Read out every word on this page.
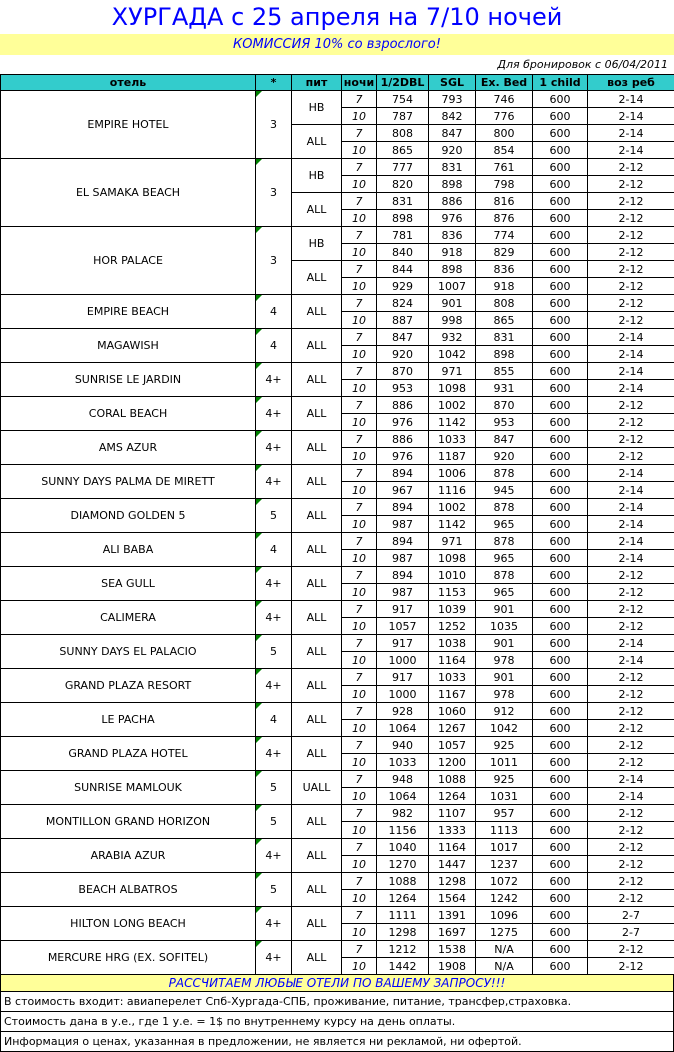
ХУРГАДА с 25 апреля на 7/10 ночей
КОМИССИЯ 10% со взрослого!
Для бронировок с 06/04/2011
отель	*	пит	ночи	1/2DBL	SGL	Ex. Bed	1 child	воз реб
EMPIRE HOTEL	3	HB	7	754	793	746	600	2-14
			10	787	842	776	600	2-14
		ALL	7	808	847	800	600	2-14
			10	865	920	854	600	2-14
EL SAMAKA BEACH	3	HB	7	777	831	761	600	2-12
			10	820	898	798	600	2-12
		ALL	7	831	886	816	600	2-12
			10	898	976	876	600	2-12
HOR PALACE	3	HB	7	781	836	774	600	2-12
			10	840	918	829	600	2-12
		ALL	7	844	898	836	600	2-12
			10	929	1007	918	600	2-12
EMPIRE BEACH	4	ALL	7	824	901	808	600	2-12
			10	887	998	865	600	2-12
MAGAWISH	4	ALL	7	847	932	831	600	2-14
			10	920	1042	898	600	2-14
SUNRISE LE JARDIN	4+	ALL	7	870	971	855	600	2-14
			10	953	1098	931	600	2-14
CORAL BEACH	4+	ALL	7	886	1002	870	600	2-12
			10	976	1142	953	600	2-12
AMS AZUR	4+	ALL	7	886	1033	847	600	2-12
			10	976	1187	920	600	2-12
SUNNY DAYS PALMA DE MIRETT	4+	ALL	7	894	1006	878	600	2-14
			10	967	1116	945	600	2-14
DIAMOND GOLDEN 5	5	ALL	7	894	1002	878	600	2-14
			10	987	1142	965	600	2-14
ALI BABA	4	ALL	7	894	971	878	600	2-14
			10	987	1098	965	600	2-14
SEA GULL	4+	ALL	7	894	1010	878	600	2-12
			10	987	1153	965	600	2-12
CALIMERA	4+	ALL	7	917	1039	901	600	2-12
			10	1057	1252	1035	600	2-12
SUNNY DAYS EL PALACIO	5	ALL	7	917	1038	901	600	2-14
			10	1000	1164	978	600	2-14
GRAND PLAZA RESORT	4+	ALL	7	917	1033	901	600	2-12
			10	1000	1167	978	600	2-12
LE PACHA	4	ALL	7	928	1060	912	600	2-12
			10	1064	1267	1042	600	2-12
GRAND PLAZA HOTEL	4+	ALL	7	940	1057	925	600	2-12
			10	1033	1200	1011	600	2-12
SUNRISE MAMLOUK	5	UALL	7	948	1088	925	600	2-14
			10	1064	1264	1031	600	2-14
MONTILLON GRAND HORIZON	5	ALL	7	982	1107	957	600	2-12
			10	1156	1333	1113	600	2-12
ARABIA AZUR	4+	ALL	7	1040	1164	1017	600	2-12
			10	1270	1447	1237	600	2-12
BEACH ALBATROS	5	ALL	7	1088	1298	1072	600	2-12
			10	1264	1564	1242	600	2-12
HILTON LONG BEACH	4+	ALL	7	1111	1391	1096	600	2-7
			10	1298	1697	1275	600	2-7
MERCURE HRG (EX. SOFITEL)	4+	ALL	7	1212	1538	N/A	600	2-12
			10	1442	1908	N/A	600	2-12
РАССЧИТАЕМ ЛЮБЫЕ ОТЕЛИ ПО ВАШЕМУ ЗАПРОСУ!!!
В стоимость входит: авиаперелет Спб-Хургада-СПБ, проживание, питание, трансфер,страховка.
Стоимость дана в у.е., где 1 у.е. = 1$ по внутреннему курсу на день оплаты.
Информация о ценах, указанная в предложении, не является ни рекламой, ни офертой.
